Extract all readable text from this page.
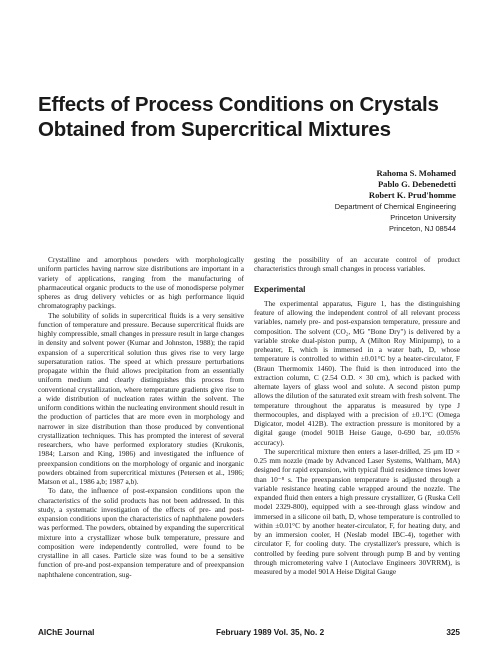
Effects of Process Conditions on Crystals
Obtained from Supercritical Mixtures
Rahoma S. Mohamed
Pablo G. Debenedetti
Robert K. Prud'homme
Department of Chemical Engineering
Princeton University
Princeton, NJ 08544

Crystalline and amorphous powders with morphologically uniform particles having narrow size distributions are important in a variety of applications, ranging from the manufacturing of pharmaceutical organic products to the use of monodisperse polymer spheres as drug delivery vehicles or as high performance liquid chromatography packings.

The solubility of solids in supercritical fluids is a very sensitive function of temperature and pressure. Because supercritical fluids are highly compressible, small changes in pressure result in large changes in density and solvent power (Kumar and Johnston, 1988); the rapid expansion of a supercritical solution thus gives rise to very large supersaturation ratios. The speed at which pressure perturbations propagate within the fluid allows precipitation from an essentially uniform medium and clearly distinguishes this process from conventional crystallization, where temperature gradients give rise to a wide distribution of nucleation rates within the solvent. The uniform conditions within the nucleating environment should result in the production of particles that are more even in morphology and narrower in size distribution than those produced by conventional crystallization techniques. This has prompted the interest of several researchers, who have performed exploratory studies (Krukonis, 1984; Larson and King, 1986) and investigated the influence of preexpansion conditions on the morphology of organic and inorganic powders obtained from supercritical mixtures (Petersen et al., 1986; Matson et al., 1986 a,b; 1987 a,b).

To date, the influence of post-expansion conditions upon the characteristics of the solid products has not been addressed. In this study, a systematic investigation of the effects of pre- and post-expansion conditions upon the characteristics of naphthalene powders was performed. The powders, obtained by expanding the supercritical mixture into a crystallizer whose bulk temperature, pressure and composition were independently controlled, were found to be crystalline in all cases. Particle size was found to be a sensitive function of pre-and post-expansion temperature and of preexpansion naphthalene concentration, sug-

gesting the possibility of an accurate control of product characteristics through small changes in process variables.

Experimental

The experimental apparatus, Figure 1, has the distinguishing feature of allowing the independent control of all relevant process variables, namely pre- and post-expansion temperature, pressure and composition. The solvent (CO₂, MG "Bone Dry") is delivered by a variable stroke dual-piston pump, A (Milton Roy Minipump), to a preheater, E, which is immersed in a water bath, D, whose temperature is controlled to within ±0.01°C by a heater-circulator, F (Braun Thermomix 1460). The fluid is then introduced into the extraction column, C (2.54 O.D. × 30 cm), which is packed with alternate layers of glass wool and solute. A second piston pump allows the dilution of the saturated exit stream with fresh solvent. The temperature throughout the apparatus is measured by type J thermocouples, and displayed with a precision of ±0.1°C (Omega Digicator, model 412B). The extraction pressure is monitored by a digital gauge (model 901B Heise Gauge, 0-690 bar, ±0.05% accuracy).

The supercritical mixture then enters a laser-drilled, 25 μm ID × 0.25 mm nozzle (made by Advanced Laser Systems, Waltham, MA) designed for rapid expansion, with typical fluid residence times lower than 10⁻⁸ s. The preexpansion temperature is adjusted through a variable resistance heating cable wrapped around the nozzle. The expanded fluid then enters a high pressure crystallizer, G (Ruska Cell model 2329-800), equipped with a see-through glass window and immersed in a silicone oil bath, D, whose temperature is controlled to within ±0.01°C by another heater-circulator, F, for heating duty, and by an immersion cooler, H (Neslab model IBC-4), together with circulator F, for cooling duty. The crystallizer's pressure, which is controlled by feeding pure solvent through pump B and by venting through micrometering valve I (Autoclave Engineers 30VRRM), is measured by a model 901A Heise Digital Gauge

AIChE Journal	February 1989 Vol. 35, No. 2	325
